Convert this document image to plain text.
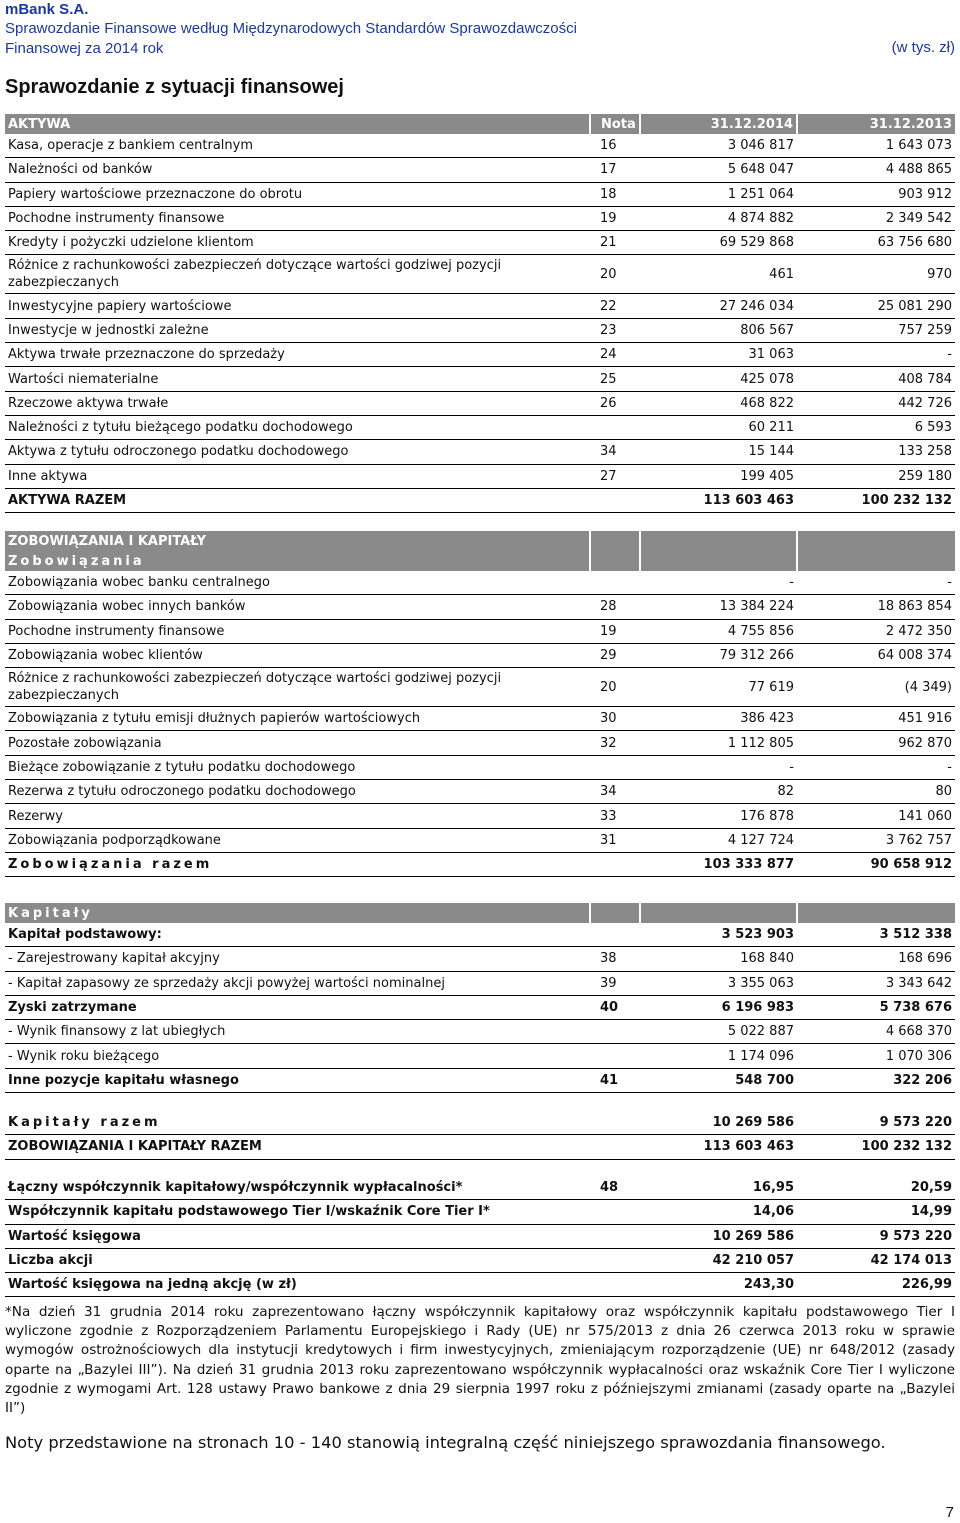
mBank S.A.
Sprawozdanie Finansowe według Międzynarodowych Standardów Sprawozdawczości
Finansowej za 2014 rok	(w tys. zł)
Sprawozdanie z sytuacji finansowej
AKTYWA	Nota	31.12.2014	31.12.2013
Kasa, operacje z bankiem centralnym	16	3 046 817	1 643 073
Należności od banków	17	5 648 047	4 488 865
Papiery wartościowe przeznaczone do obrotu	18	1 251 064	903 912
Pochodne instrumenty finansowe	19	4 874 882	2 349 542
Kredyty i pożyczki udzielone klientom	21	69 529 868	63 756 680
Różnice z rachunkowości zabezpieczeń dotyczące wartości godziwej pozycji zabezpieczanych	20	461	970
Inwestycyjne papiery wartościowe	22	27 246 034	25 081 290
Inwestycje w jednostki zależne	23	806 567	757 259
Aktywa trwałe przeznaczone do sprzedaży	24	31 063	-
Wartości niematerialne	25	425 078	408 784
Rzeczowe aktywa trwałe	26	468 822	442 726
Należności z tytułu bieżącego podatku dochodowego		60 211	6 593
Aktywa z tytułu odroczonego podatku dochodowego	34	15 144	133 258
Inne aktywa	27	199 405	259 180
AKTYWA RAZEM		113 603 463	100 232 132
ZOBOWIĄZANIA I KAPITAŁY			
Zobowiązania			
Zobowiązania wobec banku centralnego		-	-
Zobowiązania wobec innych banków	28	13 384 224	18 863 854
Pochodne instrumenty finansowe	19	4 755 856	2 472 350
Zobowiązania wobec klientów	29	79 312 266	64 008 374
Różnice z rachunkowości zabezpieczeń dotyczące wartości godziwej pozycji zabezpieczanych	20	77 619	(4 349)
Zobowiązania z tytułu emisji dłużnych papierów wartościowych	30	386 423	451 916
Pozostałe zobowiązania	32	1 112 805	962 870
Bieżące zobowiązanie z tytułu podatku dochodowego		-	-
Rezerwa z tytułu odroczonego podatku dochodowego	34	82	80
Rezerwy	33	176 878	141 060
Zobowiązania podporządkowane	31	4 127 724	3 762 757
Zobowiązania razem		103 333 877	90 658 912
Kapitały			
Kapitał podstawowy:		3 523 903	3 512 338
- Zarejestrowany kapitał akcyjny	38	168 840	168 696
- Kapitał zapasowy ze sprzedaży akcji powyżej wartości nominalnej	39	3 355 063	3 343 642
Zyski zatrzymane	40	6 196 983	5 738 676
- Wynik finansowy z lat ubiegłych		5 022 887	4 668 370
- Wynik roku bieżącego		1 174 096	1 070 306
Inne pozycje kapitału własnego	41	548 700	322 206
Kapitały razem		10 269 586	9 573 220
ZOBOWIĄZANIA I KAPITAŁY RAZEM		113 603 463	100 232 132
Łączny współczynnik kapitałowy/współczynnik wypłacalności*	48	16,95	20,59
Współczynnik kapitału podstawowego Tier I/wskaźnik Core Tier I*		14,06	14,99
Wartość księgowa		10 269 586	9 573 220
Liczba akcji		42 210 057	42 174 013
Wartość księgowa na jedną akcję (w zł)		243,30	226,99
*Na dzień 31 grudnia 2014 roku zaprezentowano łączny współczynnik kapitałowy oraz współczynnik kapitału podstawowego Tier I wyliczone zgodnie z Rozporządzeniem Parlamentu Europejskiego i Rady (UE) nr 575/2013 z dnia 26 czerwca 2013 roku w sprawie wymogów ostrożnościowych dla instytucji kredytowych i firm inwestycyjnych, zmieniającym rozporządzenie (UE) nr 648/2012 (zasady oparte na „Bazylei III”). Na dzień 31 grudnia 2013 roku zaprezentowano współczynnik wypłacalności oraz wskaźnik Core Tier I wyliczone zgodnie z wymogami Art. 128 ustawy Prawo bankowe z dnia 29 sierpnia 1997 roku z późniejszymi zmianami (zasady oparte na „Bazylei II”)
Noty przedstawione na stronach 10 - 140 stanowią integralną część niniejszego sprawozdania finansowego.
7
